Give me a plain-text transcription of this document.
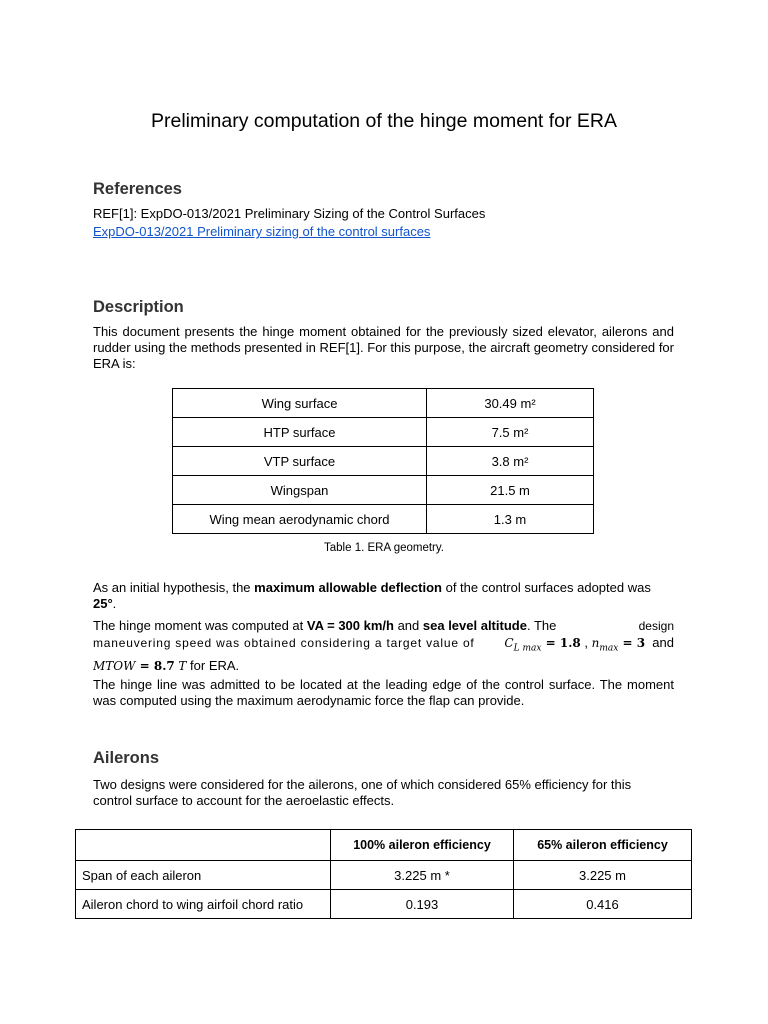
Preliminary computation of the hinge moment for ERA
References
REF[1]: ExpDO-013/2021 Preliminary Sizing of the Control Surfaces
ExpDO-013/2021 Preliminary sizing of the control surfaces
Description
This document presents the hinge moment obtained for the previously sized elevator, ailerons and rudder using the methods presented in REF[1]. For this purpose, the aircraft geometry considered for ERA is:
Wing surface	30.49 m²
HTP surface	7.5 m²
VTP surface	3.8 m²
Wingspan	21.5 m
Wing mean aerodynamic chord	1.3 m
Table 1. ERA geometry.
As an initial hypothesis, the maximum allowable deflection of the control surfaces adopted was 25°.
The hinge moment was computed at VA = 300 km/h and sea level altitude. The	design
maneuvering speed was obtained considering a target value of $C_{L max} = 1.8$ , $n_{max} = 3$ and
MTOW = 8.7 T for ERA.
The hinge line was admitted to be located at the leading edge of the control surface. The moment was computed using the maximum aerodynamic force the flap can provide.
Ailerons
Two designs were considered for the ailerons, one of which considered 65% efficiency for this control surface to account for the aeroelastic effects.
	100% aileron efficiency	65% aileron efficiency
Span of each aileron	3.225 m *	3.225 m
Aileron chord to wing airfoil chord ratio	0.193	0.416
